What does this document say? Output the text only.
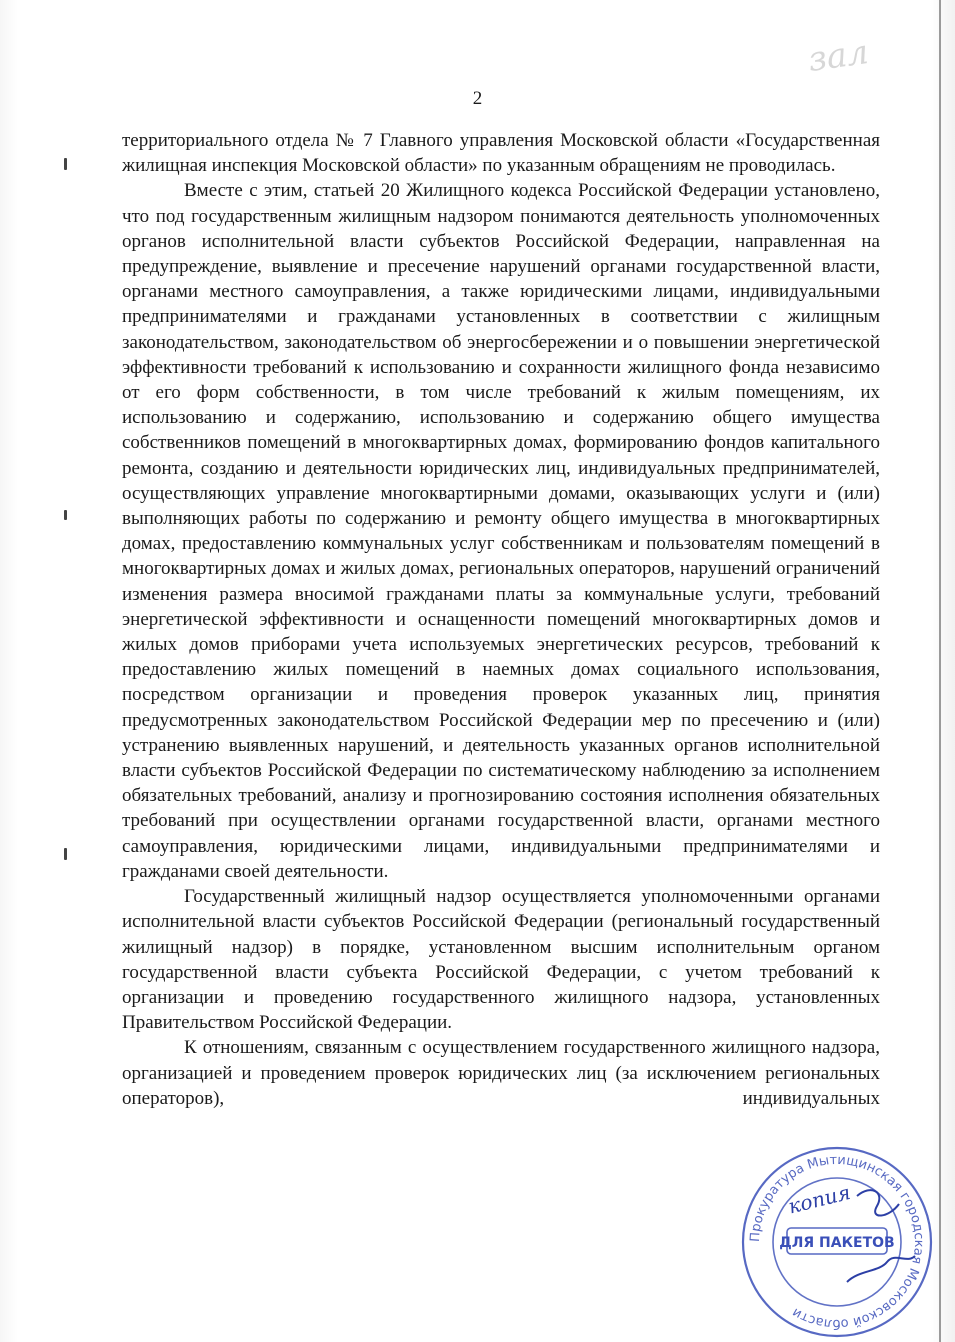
зал
2

территориального отдела № 7 Главного управления Московской области «Государственная жилищная инспекция Московской области» по указанным обращениям не проводилась.

Вместе с этим, статьей 20 Жилищного кодекса Российской Федерации установлено, что под государственным жилищным надзором понимаются деятельность уполномоченных органов исполнительной власти субъектов Российской Федерации, направленная на предупреждение, выявление и пресечение нарушений органами государственной власти, органами местного самоуправления, а также юридическими лицами, индивидуальными предпринимателями и гражданами установленных в соответствии с жилищным законодательством, законодательством об энергосбережении и о повышении энергетической эффективности требований к использованию и сохранности жилищного фонда независимо от его форм собственности, в том числе требований к жилым помещениям, их использованию и содержанию, использованию и содержанию общего имущества собственников помещений в многоквартирных домах, формированию фондов капитального ремонта, созданию и деятельности юридических лиц, индивидуальных предпринимателей, осуществляющих управление многоквартирными домами, оказывающих услуги и (или) выполняющих работы по содержанию и ремонту общего имущества в многоквартирных домах, предоставлению коммунальных услуг собственникам и пользователям помещений в многоквартирных домах и жилых домах, региональных операторов, нарушений ограничений изменения размера вносимой гражданами платы за коммунальные услуги, требований энергетической эффективности и оснащенности помещений многоквартирных домов и жилых домов приборами учета используемых энергетических ресурсов, требований к предоставлению жилых помещений в наемных домах социального использования, посредством организации и проведения проверок указанных лиц, принятия предусмотренных законодательством Российской Федерации мер по пресечению и (или) устранению выявленных нарушений, и деятельность указанных органов исполнительной власти субъектов Российской Федерации по систематическому наблюдению за исполнением обязательных требований, анализу и прогнозированию состояния исполнения обязательных требований при осуществлении органами государственной власти, органами местного самоуправления, юридическими лицами, индивидуальными предпринимателями и гражданами своей деятельности.

Государственный жилищный надзор осуществляется уполномоченными органами исполнительной власти субъектов Российской Федерации (региональный государственный жилищный надзор) в порядке, установленном высшим исполнительным органом государственной власти субъекта Российской Федерации, с учетом требований к организации и проведению государственного жилищного надзора, установленных Правительством Российской Федерации.

К отношениям, связанным с осуществлением государственного жилищного надзора, организацией и проведением проверок юридических лиц (за исключением региональных операторов), индивидуальных

Прокуратура Мытищинская городская Московской области
ДЛЯ ПАКЕТОВ
копия
